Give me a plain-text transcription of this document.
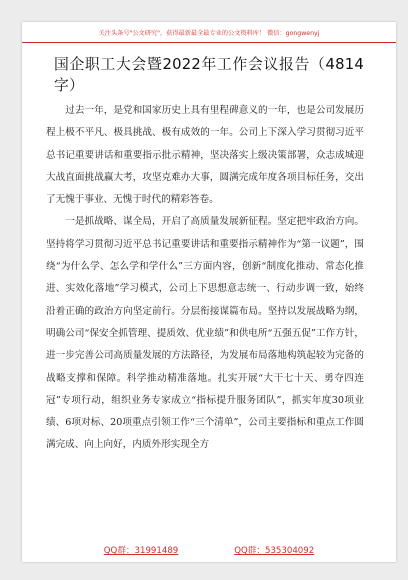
关注头条号"公文研究"，获得最新最全最专业的公文资料库！ 微信：gongwenyj
国企职工大会暨2022年工作会议报告（4814字）

过去一年，是党和国家历史上具有里程碑意义的一年，也是公司发展历程上极不平凡、极具挑战、极有成效的一年。公司上下深入学习贯彻习近平总书记重要讲话和重要指示批示精神，坚决落实上级决策部署，众志成城迎大战直面挑战赢大考，攻坚克难办大事，圆满完成年度各项目标任务，交出了无愧于事业、无愧于时代的精彩答卷。

一是抓战略、谋全局，开启了高质量发展新征程。坚定把牢政治方向。坚持将学习贯彻习近平总书记重要讲话和重要指示精神作为“第一议题”，围绕“为什么学、怎么学和学什么”三方面内容，创新“制度化推动、常态化推进、实效化落地”学习模式，公司上下思想意志统一、行动步调一致，始终沿着正确的政治方向坚定前行。分层衔接谋篇布局。坚持以发展战略为纲，明确公司“保安全抓管理、提质效、优业绩”和供电所“五强五促”工作方针，进一步完善公司高质量发展的方法路径，为发展布局落地构筑起较为完备的战略支撑和保障。科学推动精准落地。扎实开展“大干七十天、勇夺四连冠”专项行动，组织业务专家成立“指标提升服务团队”，抓实年度30项业绩、6项对标、20项重点引领工作“三个清单”，公司主要指标和重点工作圆满完成、向上向好，内质外形实现全方

QQ群：31991489	QQ群：535304092
